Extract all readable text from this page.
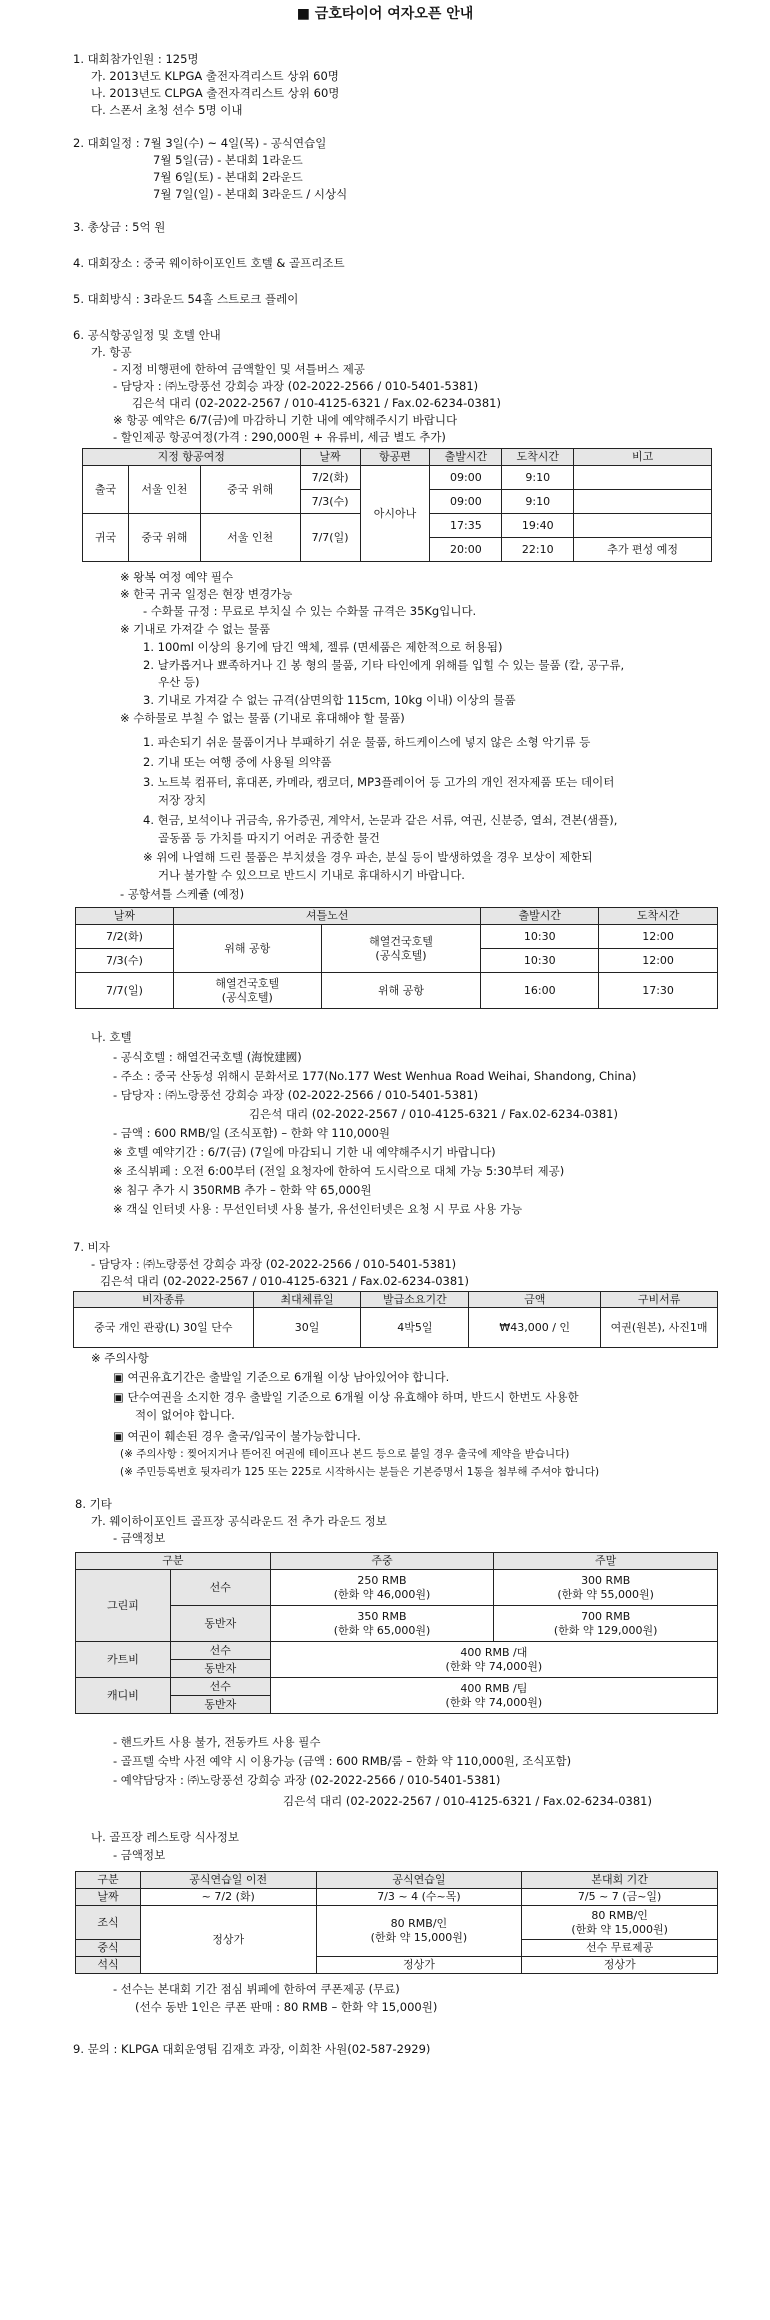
■ 금호타이어 여자오픈 안내
1. 대회참가인원 : 125명
가. 2013년도 KLPGA 출전자격리스트 상위 60명
나. 2013년도 CLPGA 출전자격리스트 상위 60명
다. 스폰서 초청 선수 5명 이내
2. 대회일정 : 7월 3일(수) ~ 4일(목) - 공식연습일
7월 5일(금) - 본대회 1라운드
7월 6일(토) - 본대회 2라운드
7월 7일(일) - 본대회 3라운드 / 시상식
3. 총상금 : 5억 원
4. 대회장소 : 중국 웨이하이포인트 호텔 & 골프리조트
5. 대회방식 : 3라운드 54홀 스트로크 플레이
6. 공식항공일정 및 호텔 안내
가. 항공
- 지정 비행편에 한하여 금액할인 및 셔틀버스 제공
- 담당자 : ㈜노랑풍선 강희승 과장 (02-2022-2566 / 010-5401-5381)
김은석 대리 (02-2022-2567 / 010-4125-6321 / Fax.02-6234-0381)
※ 항공 예약은 6/7(금)에 마감하니 기한 내에 예약해주시기 바랍니다
- 할인제공 항공여정(가격 : 290,000원 + 유류비, 세금 별도 추가)
지정 항공여정			날짜	항공편	출발시간	도착시간	비고
출국	서울 인천	중국 위해	7/2(화)	아시아나	09:00	9:10	
			7/3(수)		09:00	9:10	
귀국	중국 위해	서울 인천	7/7(일)		17:35	19:40	
					20:00	22:10	추가 편성 예정
※ 왕복 여정 예약 필수
※ 한국 귀국 일정은 현장 변경가능
- 수화물 규정 : 무료로 부치실 수 있는 수화물 규격은 35Kg입니다.
※ 기내로 가져갈 수 없는 물품
1. 100ml 이상의 용기에 담긴 액체, 젤류 (면세품은 제한적으로 허용됨)
2. 날카롭거나 뾰족하거나 긴 봉 형의 물품, 기타 타인에게 위해를 입힐 수 있는 물품 (칼, 공구류,
우산 등)
3. 기내로 가져갈 수 없는 규격(삼면의합 115cm, 10kg 이내) 이상의 물품
※ 수하물로 부칠 수 없는 물품 (기내로 휴대해야 할 물품)
1. 파손되기 쉬운 물품이거나 부패하기 쉬운 물품, 하드케이스에 넣지 않은 소형 악기류 등
2. 기내 또는 여행 중에 사용될 의약품
3. 노트북 컴퓨터, 휴대폰, 카메라, 캠코더, MP3플레이어 등 고가의 개인 전자제품 또는 데이터
저장 장치
4. 현금, 보석이나 귀금속, 유가증권, 계약서, 논문과 같은 서류, 여권, 신분증, 열쇠, 견본(샘플),
골동품 등 가치를 따지기 어려운 귀중한 물건
※ 위에 나열해 드린 물품은 부치셨을 경우 파손, 분실 등이 발생하였을 경우 보상이 제한되
거나 불가할 수 있으므로 반드시 기내로 휴대하시기 바랍니다.
- 공항셔틀 스케쥴 (예정)
날짜	셔틀노선		출발시간	도착시간
7/2(화)	위해 공항	해열건국호텔
(공식호텔)	10:30	12:00
7/3(수)			10:30	12:00
7/7(일)	해열건국호텔
(공식호텔)	위해 공항	16:00	17:30
나. 호텔
- 공식호텔 : 해열건국호텔 (海悅建國)
- 주소 : 중국 산동성 위해시 문화서로 177(No.177 West Wenhua Road Weihai, Shandong, China)
- 담당자 : ㈜노랑풍선 강희승 과장 (02-2022-2566 / 010-5401-5381)
김은석 대리 (02-2022-2567 / 010-4125-6321 / Fax.02-6234-0381)
- 금액 : 600 RMB/일 (조식포함) – 한화 약 110,000원
※ 호텔 예약기간 : 6/7(금) (7일에 마감되니 기한 내 예약해주시기 바랍니다)
※ 조식뷔페 : 오전 6:00부터 (전일 요청자에 한하여 도시락으로 대체 가능 5:30부터 제공)
※ 침구 추가 시 350RMB 추가 – 한화 약 65,000원
※ 객실 인터넷 사용 : 무선인터넷 사용 불가, 유선인터넷은 요청 시 무료 사용 가능
7. 비자
- 담당자 : ㈜노랑풍선 강희승 과장 (02-2022-2566 / 010-5401-5381)
김은석 대리 (02-2022-2567 / 010-4125-6321 / Fax.02-6234-0381)
비자종류	최대체류일	발급소요기간	금액	구비서류
중국 개인 관광(L) 30일 단수	30일	4박5일	₩43,000 / 인	여권(원본), 사진1매
※ 주의사항
▣ 여권유효기간은 출발일 기준으로 6개월 이상 남아있어야 합니다.
▣ 단수여권을 소지한 경우 출발일 기준으로 6개월 이상 유효해야 하며, 반드시 한번도 사용한
적이 없어야 합니다.
▣ 여권이 훼손된 경우 출국/입국이 불가능합니다.
(※ 주의사항 : 찢어지거나 뜯어진 여권에 테이프나 본드 등으로 붙일 경우 출국에 제약을 받습니다)
(※ 주민등록번호 뒷자리가 125 또는 225로 시작하시는 분들은 기본증명서 1통을 첨부해 주셔야 합니다)
8. 기타
가. 웨이하이포인트 골프장 공식라운드 전 추가 라운드 정보
- 금액정보
구분		주중	주말
그린피	선수	250 RMB
(한화 약 46,000원)	300 RMB
(한화 약 55,000원)
	동반자	350 RMB
(한화 약 65,000원)	700 RMB
(한화 약 129,000원)
카트비	선수	400 RMB /대
(한화 약 74,000원)	
	동반자		
캐디비	선수	400 RMB /팀
(한화 약 74,000원)	
	동반자		
- 핸드카트 사용 불가, 전동카트 사용 필수
- 골프텔 숙박 사전 예약 시 이용가능 (금액 : 600 RMB/룸 – 한화 약 110,000원, 조식포함)
- 예약담당자 : ㈜노랑풍선 강희승 과장 (02-2022-2566 / 010-5401-5381)
김은석 대리 (02-2022-2567 / 010-4125-6321 / Fax.02-6234-0381)
나. 골프장 레스토랑 식사정보
- 금액정보
구분	공식연습일 이전	공식연습일	본대회 기간
날짜	~ 7/2 (화)	7/3 ~ 4 (수~목)	7/5 ~ 7 (금~일)
조식	정상가	80 RMB/인
(한화 약 15,000원)	80 RMB/인
(한화 약 15,000원)
중식			선수 무료제공
석식		정상가	정상가
- 선수는 본대회 기간 점심 뷔페에 한하여 쿠폰제공 (무료)
(선수 동반 1인은 쿠폰 판매 : 80 RMB – 한화 약 15,000원)
9. 문의 : KLPGA 대회운영팀 김재호 과장, 이희찬 사원(02-587-2929)
